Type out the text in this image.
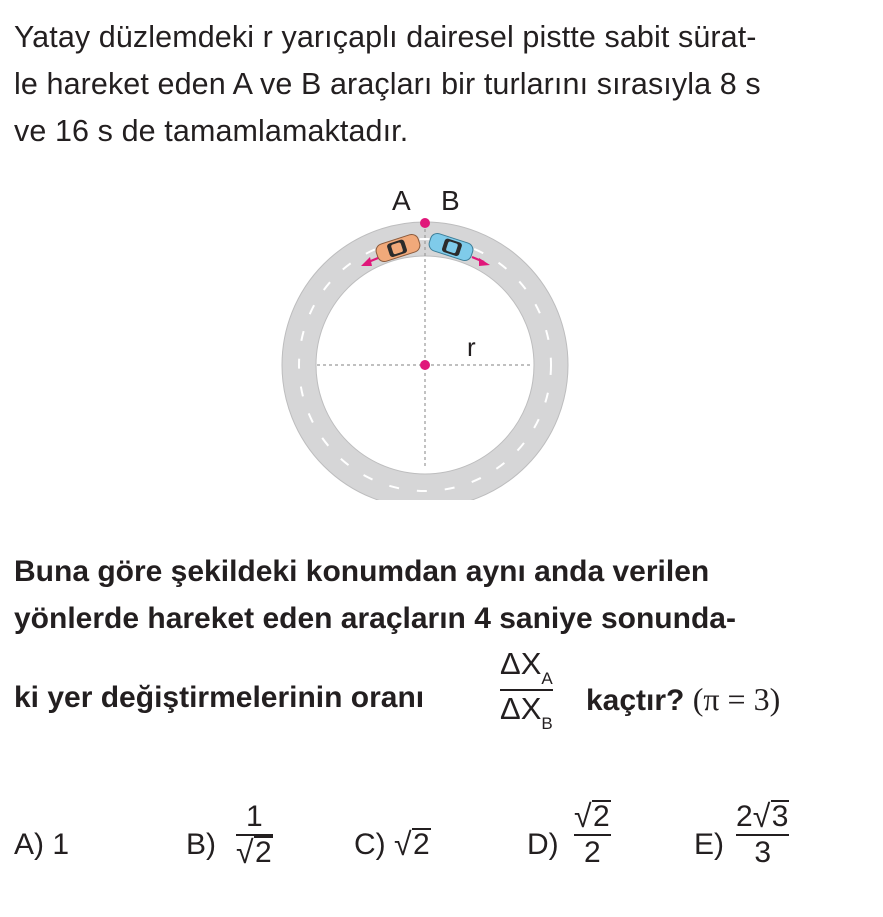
Yatay düzlemdeki r yarıçaplı dairesel pistte sabit sürat-
le hareket eden A ve B araçları bir turlarını sırasıyla 8 s
ve 16 s de tamamlamaktadır.
A B
r
Buna göre şekildeki konumdan aynı anda verilen
yönlerde hareket eden araçların 4 saniye sonunda-
ki yer değiştirmelerinin oranı
$\Delta X_A$
$\Delta X_B$
kaçtır? (π = 3)
A) 1	B)
1
√ 2	C) √ 2	D)
√ 2
2	E)
2 √ 3
3
